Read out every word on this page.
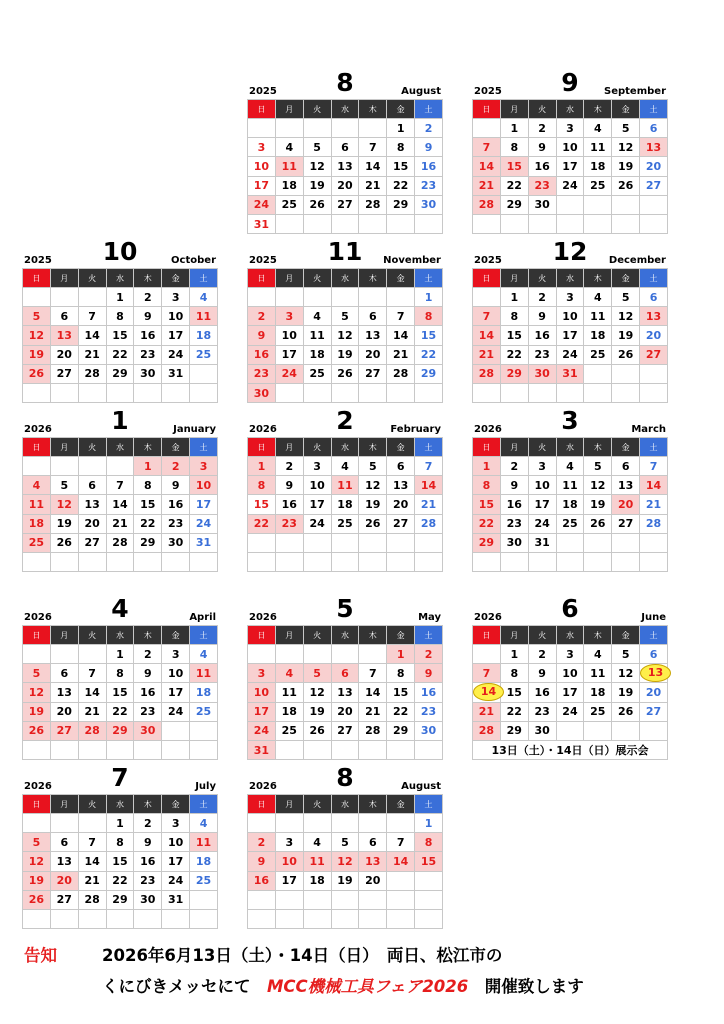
2025	8	August
日	月	火	水	木	金	土
					1	2
3	4	5	6	7	8	9
10	11	12	13	14	15	16
17	18	19	20	21	22	23
24	25	26	27	28	29	30
31						
2025	9	September
日	月	火	水	木	金	土
	1	2	3	4	5	6
7	8	9	10	11	12	13
14	15	16	17	18	19	20
21	22	23	24	25	26	27
28	29	30				

2025	10	October
日	月	火	水	木	金	土
			1	2	3	4
5	6	7	8	9	10	11
12	13	14	15	16	17	18
19	20	21	22	23	24	25
26	27	28	29	30	31	

2025	11	November
日	月	火	水	木	金	土
						1
2	3	4	5	6	7	8
9	10	11	12	13	14	15
16	17	18	19	20	21	22
23	24	25	26	27	28	29
30						
2025	12	December
日	月	火	水	木	金	土
	1	2	3	4	5	6
7	8	9	10	11	12	13
14	15	16	17	18	19	20
21	22	23	24	25	26	27
28	29	30	31			

2026	1	January
日	月	火	水	木	金	土
				1	2	3
4	5	6	7	8	9	10
11	12	13	14	15	16	17
18	19	20	21	22	23	24
25	26	27	28	29	30	31

2026	2	February
日	月	火	水	木	金	土
1	2	3	4	5	6	7
8	9	10	11	12	13	14
15	16	17	18	19	20	21
22	23	24	25	26	27	28

2026	3	March
日	月	火	水	木	金	土
1	2	3	4	5	6	7
8	9	10	11	12	13	14
15	16	17	18	19	20	21
22	23	24	25	26	27	28
29	30	31				

2026	4	April
日	月	火	水	木	金	土
			1	2	3	4
5	6	7	8	9	10	11
12	13	14	15	16	17	18
19	20	21	22	23	24	25
26	27	28	29	30		

2026	5	May
日	月	火	水	木	金	土
					1	2
3	4	5	6	7	8	9
10	11	12	13	14	15	16
17	18	19	20	21	22	23
24	25	26	27	28	29	30
31						
2026	6	June
日	月	火	水	木	金	土
	1	2	3	4	5	6
7	8	9	10	11	12	13
14	15	16	17	18	19	20
21	22	23	24	25	26	27
28	29	30				
13日（土）・14日（日）展示会						
2026	7	July
日	月	火	水	木	金	土
			1	2	3	4
5	6	7	8	9	10	11
12	13	14	15	16	17	18
19	20	21	22	23	24	25
26	27	28	29	30	31	

2026	8	August
日	月	火	水	木	金	土
						1
2	3	4	5	6	7	8
9	10	11	12	13	14	15
16	17	18	19	20		

告知	2026年6月13日（土）・14日（日）　両日、松江市の
くにびきメッセにて　MCC機械工具フェア2026　開催致します
